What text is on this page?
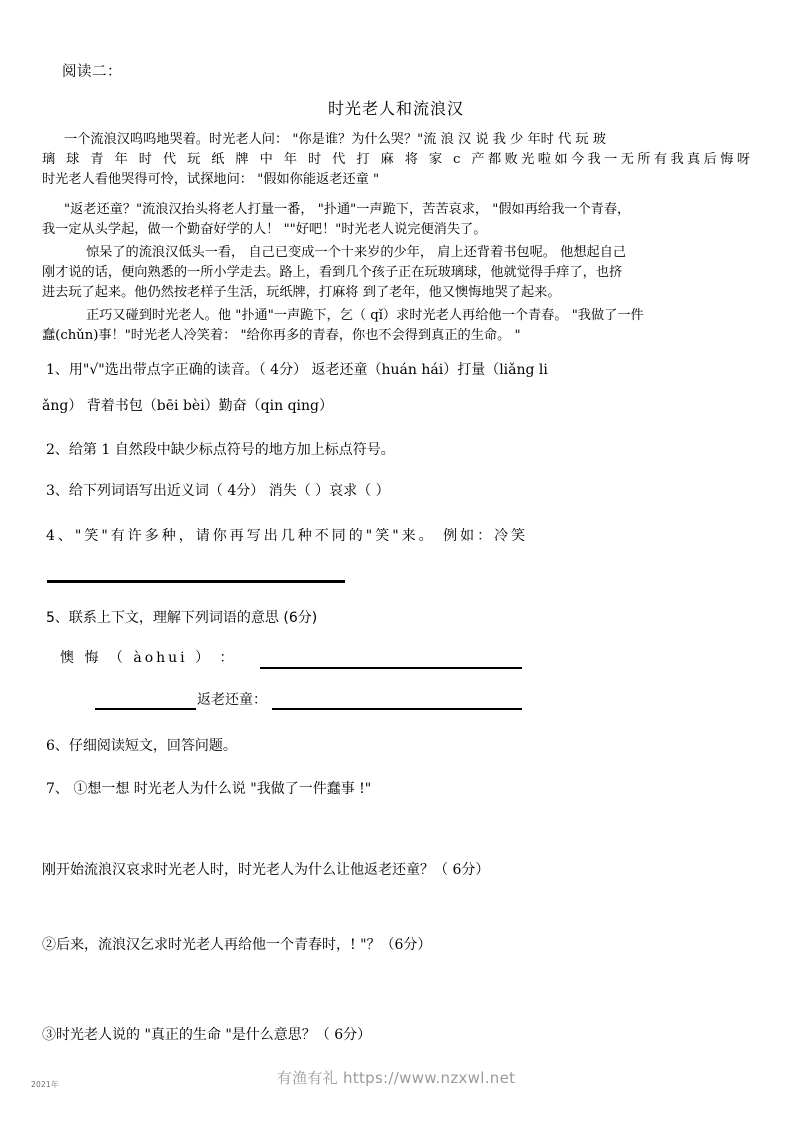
阅读二：
时光老人和流浪汉
一个流浪汉呜呜地哭着。时光老人问： "你是谁？为什么哭？"流 浪 汉 说 我 少 年时 代 玩 玻
璃 球 青 年 时 代 玩 纸 牌 中 年 时 代 打 麻 将 家 c 产都败光啦如今我一无所有我真后悔呀
时光老人看他哭得可怜，试探地问： "假如你能返老还童 "
"返老还童？"流浪汉抬头将老人打量一番， "扑通"一声跪下，苦苦哀求， "假如再给我一个青春，
我一定从头学起，做一个勤奋好学的人！ ""好吧！"时光老人说完便消失了。
惊呆了的流浪汉低头一看， 自己已变成一个十来岁的少年， 肩上还背着书包呢。 他想起自己
刚才说的话，便向熟悉的一所小学走去。路上，看到几个孩子正在玩玻璃球，他就觉得手痒了，也挤
进去玩了起来。他仍然按老样子生活，玩纸牌，打麻将 到了老年，他又懊悔地哭了起来。
正巧又碰到时光老人。他 "扑通"一声跪下，乞（ qǐ）求时光老人再给他一个青春。 "我做了一件
蠢(chǔn)事！"时光老人冷笑着： "给你再多的青春，你也不会得到真正的生命。 "
1、用"√"选出带点字正确的读音。（ 4分） 返老还童（huán hái）打量（liǎng li
ǎng） 背着书包（bēi bèi）勤奋（qin qing）
2、给第 1 自然段中缺少标点符号的地方加上标点符号。
3、给下列词语写出近义词（ 4分） 消失（ ）哀求（ ）
4、"笑"有许多种，请你再写出几种不同的"笑"来。 例如：冷笑
5、联系上下文，理解下列词语的意思 (6分)
懊 悔 （ àohui ） ：
返老还童：
6、仔细阅读短文，回答问题。
7、 ①想一想 时光老人为什么说 "我做了一件蠢事 !"
刚开始流浪汉哀求时光老人时，时光老人为什么让他返老还童？（ 6分）
②后来，流浪汉乞求时光老人再给他一个青春时，! "？（6分）
③时光老人说的 "真正的生命 "是什么意思？（ 6分）
2021年	有渔有礼 https://www.nzxwl.net
